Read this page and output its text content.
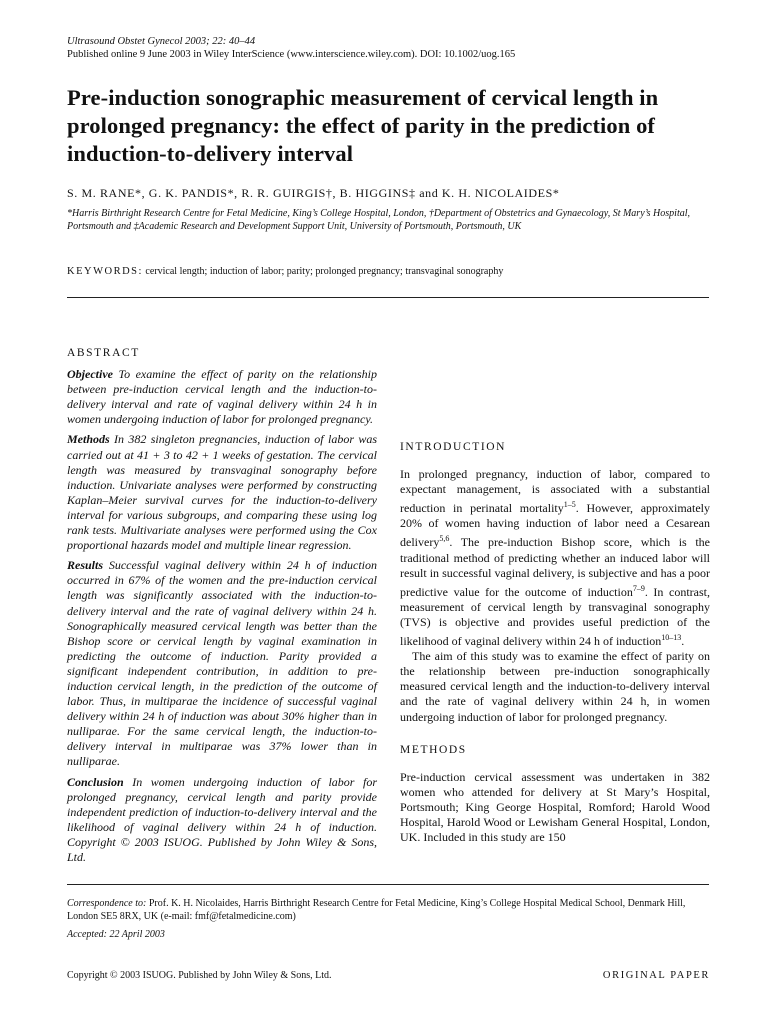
Ultrasound Obstet Gynecol 2003; 22: 40–44
Published online 9 June 2003 in Wiley InterScience (www.interscience.wiley.com). DOI: 10.1002/uog.165
Pre-induction sonographic measurement of cervical length in prolonged pregnancy: the effect of parity in the prediction of induction-to-delivery interval
S. M. RANE*, G. K. PANDIS*, R. R. GUIRGIS†, B. HIGGINS‡ and K. H. NICOLAIDES*
*Harris Birthright Research Centre for Fetal Medicine, King’s College Hospital, London, †Department of Obstetrics and Gynaecology, St Mary’s Hospital, Portsmouth and ‡Academic Research and Development Support Unit, University of Portsmouth, Portsmouth, UK
KEYWORDS: cervical length; induction of labor; parity; prolonged pregnancy; transvaginal sonography
ABSTRACT

Objective To examine the effect of parity on the relationship between pre-induction cervical length and the induction-to-delivery interval and rate of vaginal delivery within 24 h in women undergoing induction of labor for prolonged pregnancy.

Methods In 382 singleton pregnancies, induction of labor was carried out at 41 + 3 to 42 + 1 weeks of gestation. The cervical length was measured by transvaginal sonography before induction. Univariate analyses were performed by constructing Kaplan–Meier survival curves for the induction-to-delivery interval for various subgroups, and comparing these using log rank tests. Multivariate analyses were performed using the Cox proportional hazards model and multiple linear regression.

Results Successful vaginal delivery within 24 h of induction occurred in 67% of the women and the pre-induction cervical length was significantly associated with the induction-to-delivery interval and the rate of vaginal delivery within 24 h. Sonographically measured cervical length was better than the Bishop score or cervical length by vaginal examination in predicting the outcome of induction. Parity provided a significant independent contribution, in addition to pre-induction cervical length, in the prediction of the outcome of labor. Thus, in multiparae the incidence of successful vaginal delivery within 24 h of induction was about 30% higher than in nulliparae. For the same cervical length, the induction-to-delivery interval in multiparae was 37% lower than in nulliparae.

Conclusion In women undergoing induction of labor for prolonged pregnancy, cervical length and parity provide independent prediction of induction-to-delivery interval and the likelihood of vaginal delivery within 24 h of induction. Copyright © 2003 ISUOG. Published by John Wiley & Sons, Ltd.

INTRODUCTION

In prolonged pregnancy, induction of labor, compared to expectant management, is associated with a substantial reduction in perinatal mortality$^{1-5}$. However, approximately 20% of women having induction of labor need a Cesarean delivery$^{5,6}$. The pre-induction Bishop score, which is the traditional method of predicting whether an induced labor will result in successful vaginal delivery, is subjective and has a poor predictive value for the outcome of induction$^{7-9}$. In contrast, measurement of cervical length by transvaginal sonography (TVS) is objective and provides useful prediction of the likelihood of vaginal delivery within 24 h of induction$^{10-13}$.

The aim of this study was to examine the effect of parity on the relationship between pre-induction sonographically measured cervical length and the induction-to-delivery interval and the rate of vaginal delivery within 24 h, in women undergoing induction of labor for prolonged pregnancy.

METHODS

Pre-induction cervical assessment was undertaken in 382 women who attended for delivery at St Mary’s Hospital, Portsmouth; King George Hospital, Romford; Harold Wood Hospital, Harold Wood or Lewisham General Hospital, London, UK. Included in this study are 150

Correspondence to: Prof. K. H. Nicolaides, Harris Birthright Research Centre for Fetal Medicine, King’s College Hospital Medical School, Denmark Hill, London SE5 8RX, UK (e-mail: fmf@fetalmedicine.com)
Accepted: 22 April 2003
Copyright © 2003 ISUOG. Published by John Wiley & Sons, Ltd.	ORIGINAL PAPER
